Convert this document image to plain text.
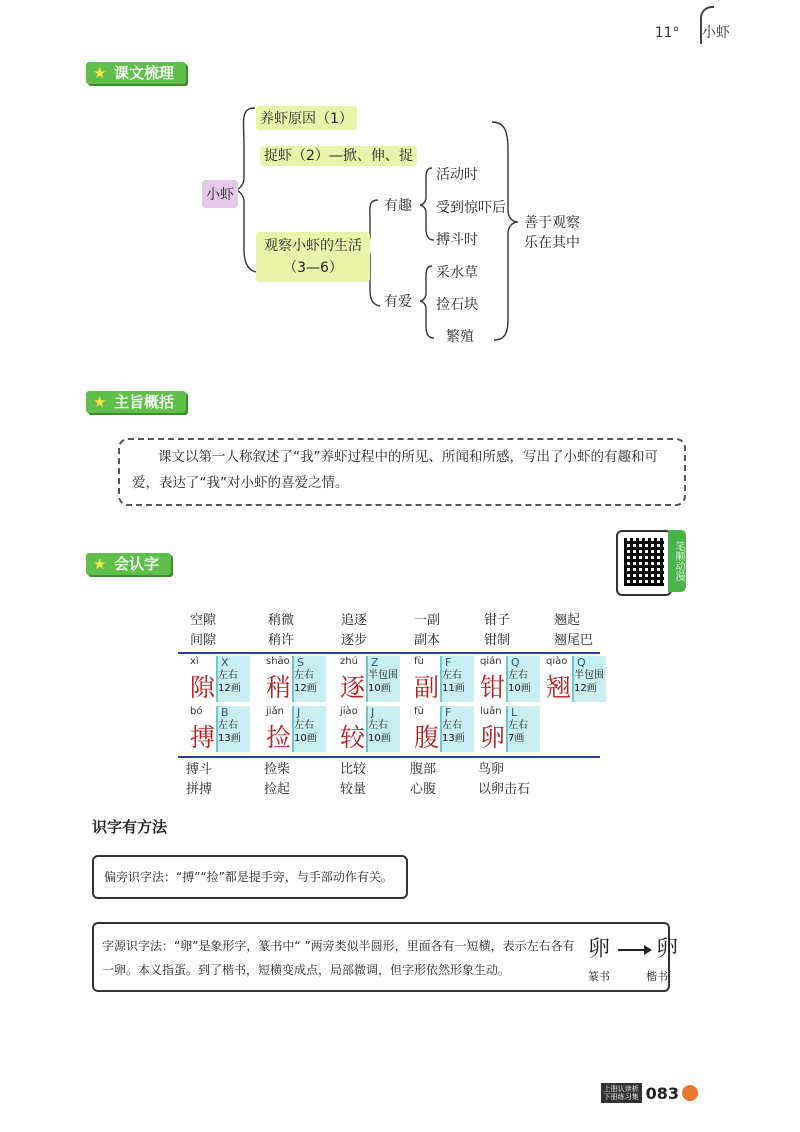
11° 小虾
★ 课文梳理
小虾
养虾原因（1）
捉虾（2）—掀、伸、捉
观察小虾的生活
（3—6）
有趣
有爱
活动时
受到惊吓后
搏斗时
采水草
捡石块
繁殖
善于观察
乐在其中
★ 主旨概括
课文以第一人称叙述了“我”养虾过程中的所见、所闻和所感，写出了小虾的有趣和可爱，表达了“我”对小虾的喜爱之情。
★ 会认字	笔顺动漫
空隙
间隙
稍微
稍许
追逐
逐步
一副
副本
钳子
钳制
翘起
翘尾巴
xì
隙
X
左右
12画
shāo
稍
S
左右
12画
zhú
逐
Z
半包围
10画
fù
副
F
左右
11画
qián
钳
Q
左右
10画
qiào
翘
Q
半包围
12画
bó
搏
B
左右
13画
jiǎn
捡
J
左右
10画
jiào
较
J
左右
10画
fù
腹
F
左右
13画
luǎn
卵
L
左右
7画
搏斗
拼搏
捡柴
捡起
比较
较量
腹部
心腹
鸟卵
以卵击石
识字有方法
偏旁识字法：“搏”“捡”都是提手旁，与手部动作有关。
字源识字法：“卵”是象形字，篆书中“ ”两旁类似半圆形，里面各有一短横，表示左右各有一卵。本义指蛋。到了楷书，短横变成点，局部微调，但字形依然形象生动。
卵 卵
篆书	楷书
上册认读析
下册练习集 083
